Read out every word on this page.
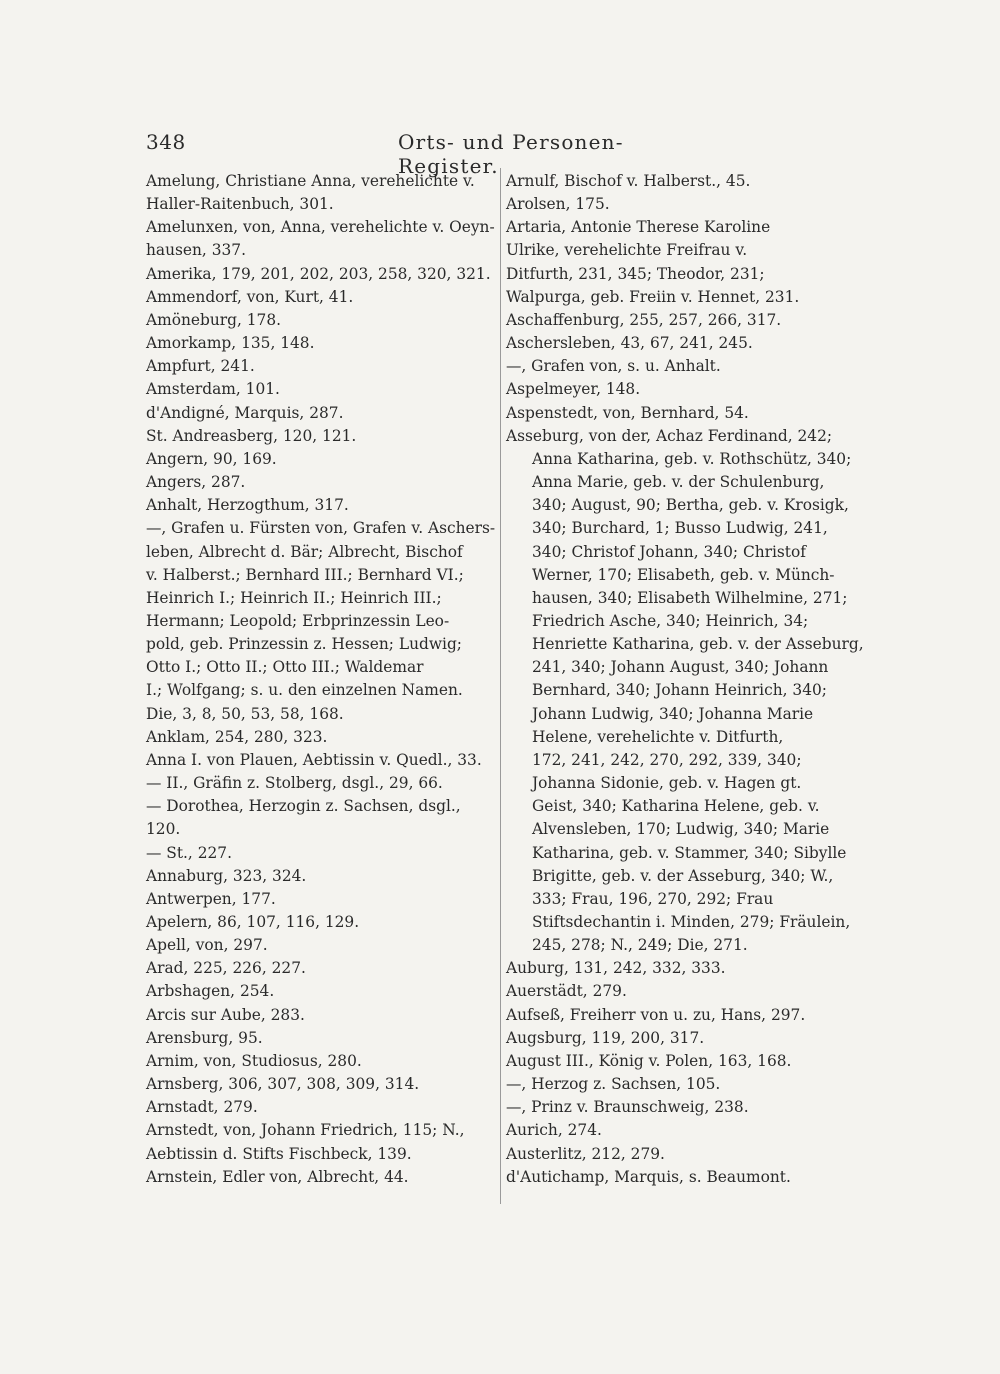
348	Orts- und Personen-Register.
Amelung, Christiane Anna, verehelichte v.
Haller-Raitenbuch, 301.
Amelunxen, von, Anna, verehelichte v. Oeyn-
hausen, 337.
Amerika, 179, 201, 202, 203, 258, 320, 321.
Ammendorf, von, Kurt, 41.
Amöneburg, 178.
Amorkamp, 135, 148.
Ampfurt, 241.
Amsterdam, 101.
d'Andigné, Marquis, 287.
St. Andreasberg, 120, 121.
Angern, 90, 169.
Angers, 287.
Anhalt, Herzogthum, 317.
—, Grafen u. Fürsten von, Grafen v. Aschers-
leben, Albrecht d. Bär; Albrecht, Bischof
v. Halberst.; Bernhard III.; Bernhard VI.;
Heinrich I.; Heinrich II.; Heinrich III.;
Hermann; Leopold; Erbprinzessin Leo-
pold, geb. Prinzessin z. Hessen; Ludwig;
Otto I.; Otto II.; Otto III.; Waldemar
I.; Wolfgang; s. u. den einzelnen Namen.
Die, 3, 8, 50, 53, 58, 168.
Anklam, 254, 280, 323.
Anna I. von Plauen, Aebtissin v. Quedl., 33.
— II., Gräfin z. Stolberg, dsgl., 29, 66.
— Dorothea, Herzogin z. Sachsen, dsgl.,
120.
— St., 227.
Annaburg, 323, 324.
Antwerpen, 177.
Apelern, 86, 107, 116, 129.
Apell, von, 297.
Arad, 225, 226, 227.
Arbshagen, 254.
Arcis sur Aube, 283.
Arensburg, 95.
Arnim, von, Studiosus, 280.
Arnsberg, 306, 307, 308, 309, 314.
Arnstadt, 279.
Arnstedt, von, Johann Friedrich, 115; N.,
Aebtissin d. Stifts Fischbeck, 139.
Arnstein, Edler von, Albrecht, 44.
Arnulf, Bischof v. Halberst., 45.
Arolsen, 175.
Artaria, Antonie Therese Karoline
Ulrike, verehelichte Freifrau v.
Ditfurth, 231, 345; Theodor, 231;
Walpurga, geb. Freiin v. Hennet, 231.
Aschaffenburg, 255, 257, 266, 317.
Aschersleben, 43, 67, 241, 245.
—, Grafen von, s. u. Anhalt.
Aspelmeyer, 148.
Aspenstedt, von, Bernhard, 54.
Asseburg, von der, Achaz Ferdinand, 242;
Anna Katharina, geb. v. Rothschütz, 340;
Anna Marie, geb. v. der Schulenburg,
340; August, 90; Bertha, geb. v. Krosigk,
340; Burchard, 1; Busso Ludwig, 241,
340; Christof Johann, 340; Christof
Werner, 170; Elisabeth, geb. v. Münch-
hausen, 340; Elisabeth Wilhelmine, 271;
Friedrich Asche, 340; Heinrich, 34;
Henriette Katharina, geb. v. der Asseburg,
241, 340; Johann August, 340; Johann
Bernhard, 340; Johann Heinrich, 340;
Johann Ludwig, 340; Johanna Marie
Helene, verehelichte v. Ditfurth,
172, 241, 242, 270, 292, 339, 340;
Johanna Sidonie, geb. v. Hagen gt.
Geist, 340; Katharina Helene, geb. v.
Alvensleben, 170; Ludwig, 340; Marie
Katharina, geb. v. Stammer, 340; Sibylle
Brigitte, geb. v. der Asseburg, 340; W.,
333; Frau, 196, 270, 292; Frau
Stiftsdechantin i. Minden, 279; Fräulein,
245, 278; N., 249; Die, 271.
Auburg, 131, 242, 332, 333.
Auerstädt, 279.
Aufseß, Freiherr von u. zu, Hans, 297.
Augsburg, 119, 200, 317.
August III., König v. Polen, 163, 168.
—, Herzog z. Sachsen, 105.
—, Prinz v. Braunschweig, 238.
Aurich, 274.
Austerlitz, 212, 279.
d'Autichamp, Marquis, s. Beaumont.
